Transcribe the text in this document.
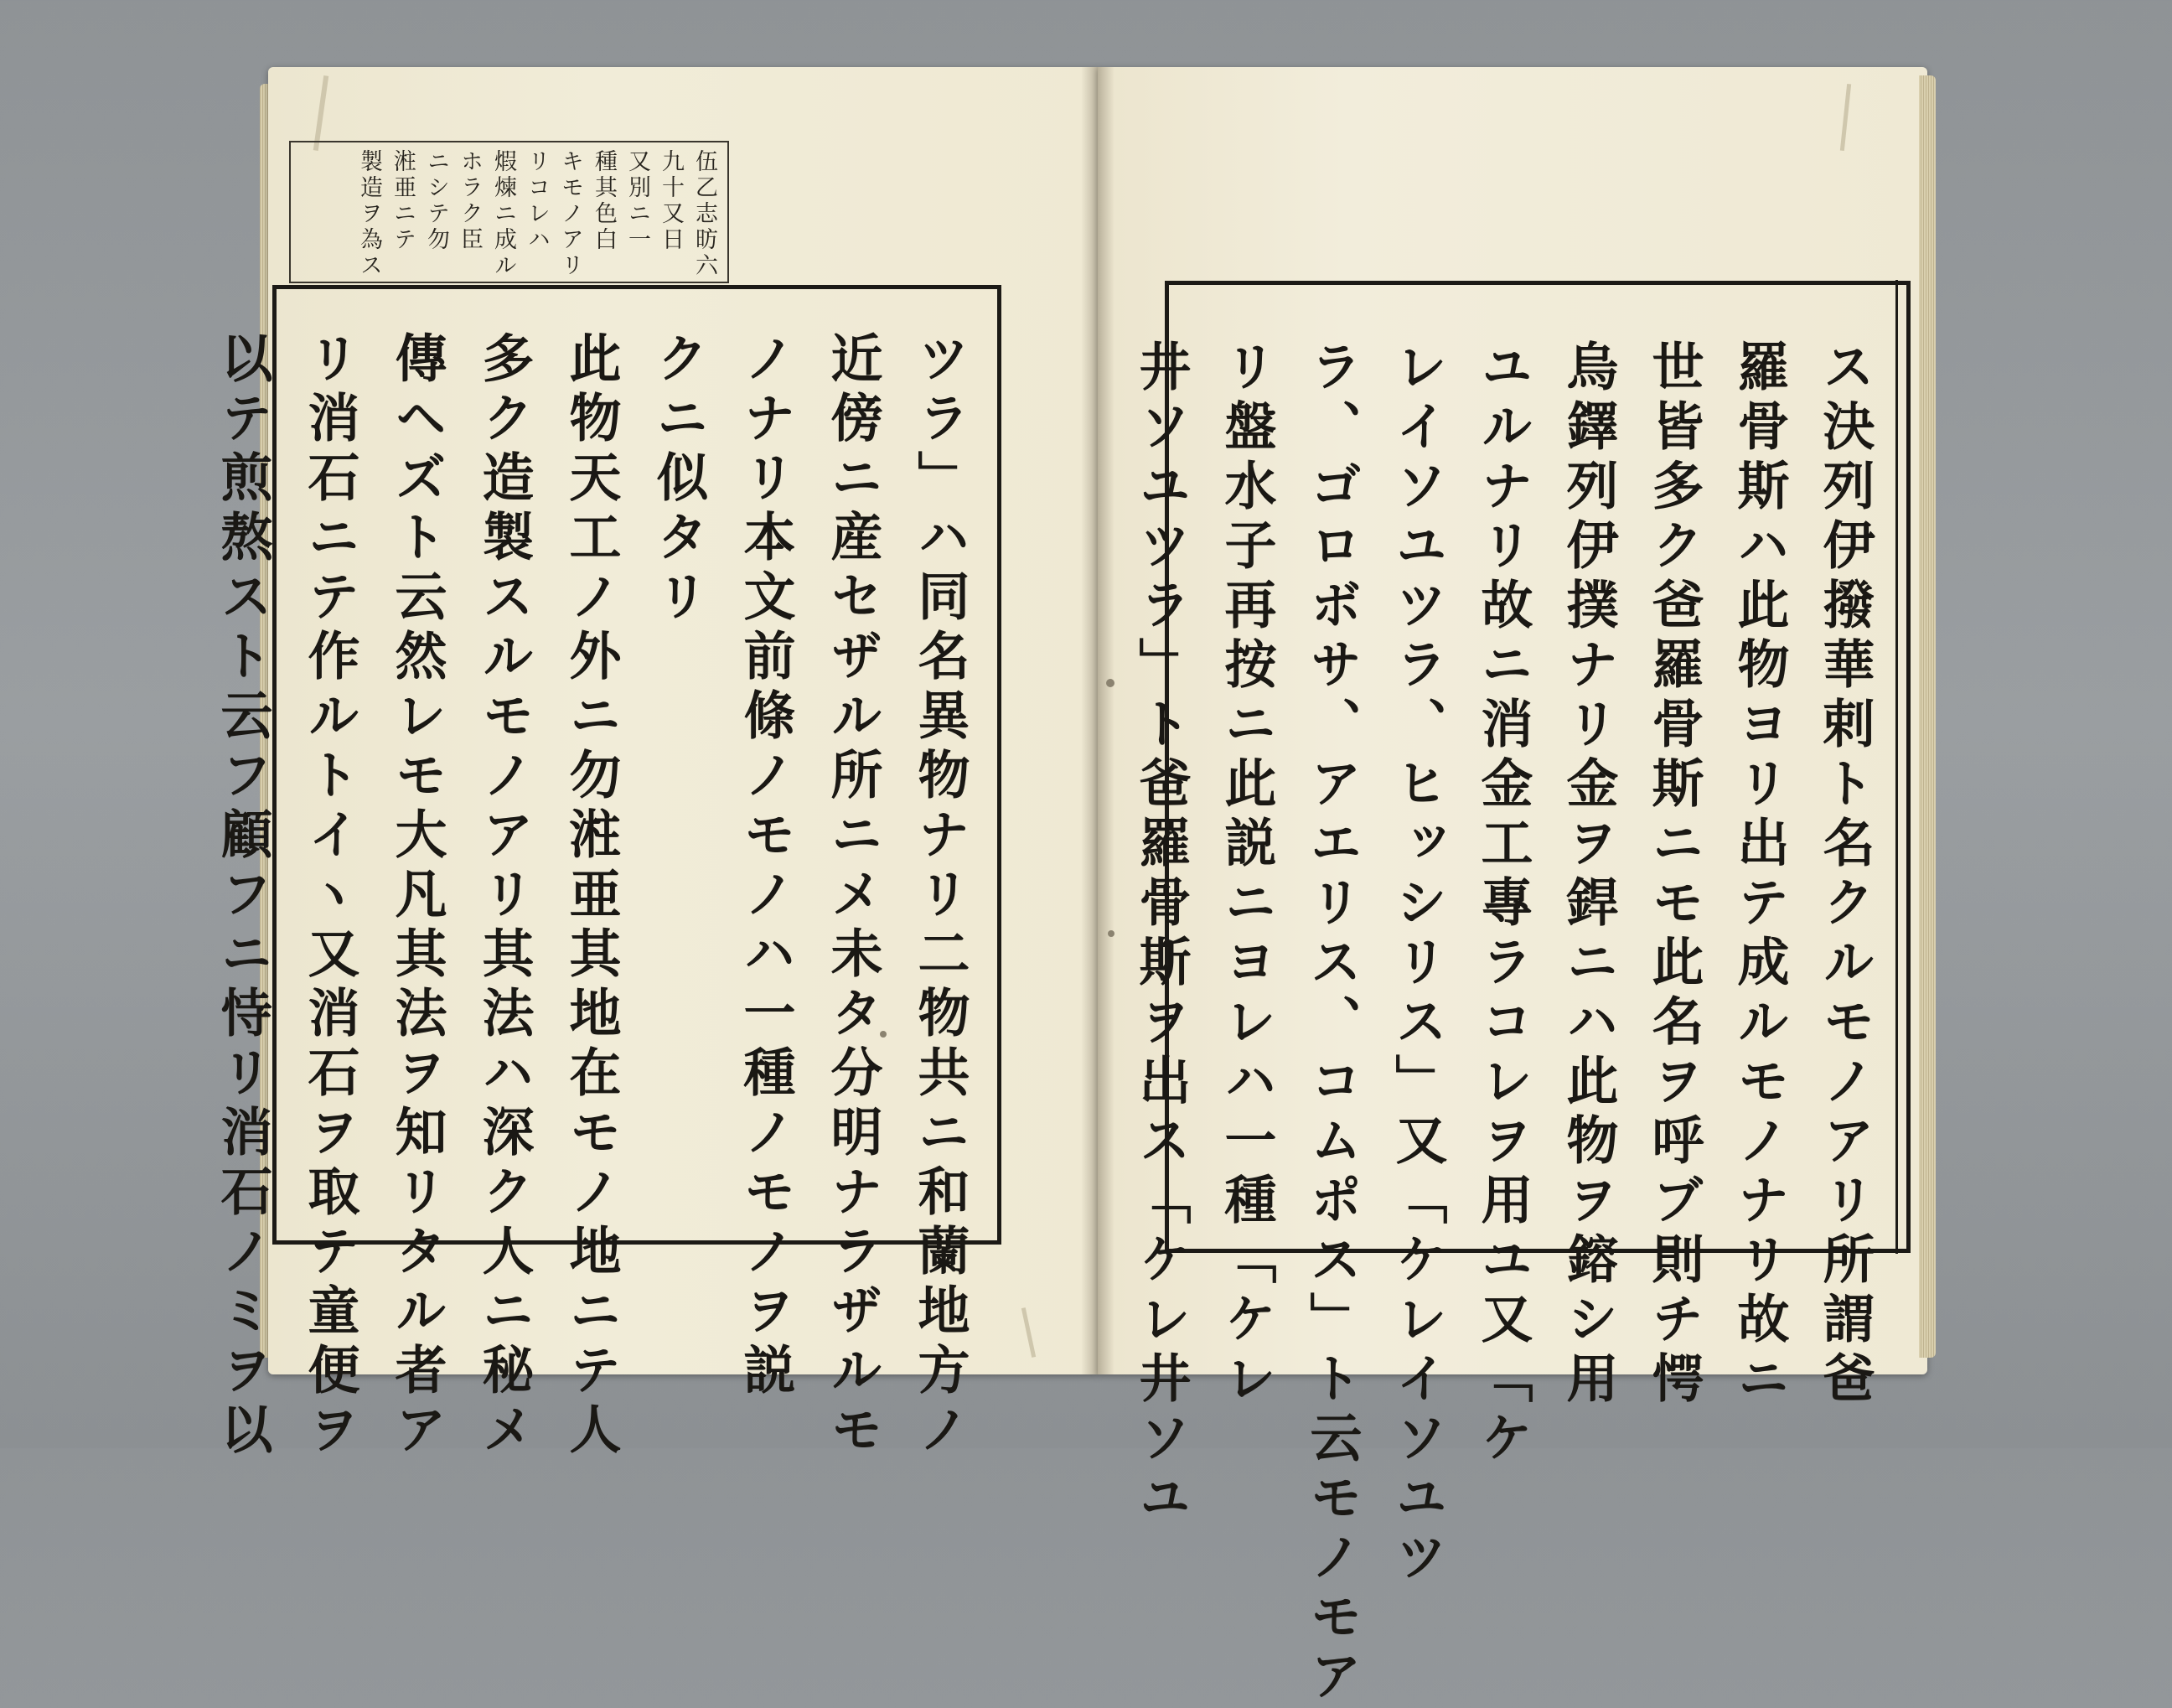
伍乙志昉六
九十又日
又別ニ一
種其色白
キモノアリ
リコレハ
煆煉ニ成ル
ホラク臣
ニシテ勿
㴤亜ニテ
製造ヲ為ス
ツラ」ハ同名異物ナリ二物共ニ和蘭地方ノ
近傍ニ産セザル所ニメ未タ分明ナラザルモ
ノナリ本文前條ノモノハ一種ノモノヲ説
クニ似タリ
此物天工ノ外ニ勿㴤亜其地在モノ地ニテ人
多ク造製スルモノアリ其法ハ深ク人ニ秘メ
傳ヘズト云然レモ大凡其法ヲ知リタル者ア
リ消石ニテ作ルトイヽ又消石ヲ取テ童便ヲ
以テ煎熬スト云フ顧フニ恃リ消石ノミヲ以	ス決列伊撥華剌ト名クルモノアリ所謂爸
羅骨斯ハ此物ヨリ出テ成ルモノナリ故ニ
世皆多ク爸羅骨斯ニモ此名ヲ呼ブ則チ愕
烏鐸列伊撲ナリ金ヲ銲ニハ此物ヲ鎔シ用
ユルナリ故ニ消金工專ラコレヲ用ユ又「ケ
レイソユツラ、ヒッシリス」又「ケレイソユツ
ラ、ゴロボサ、アエリス、コムポス」ト云モノモア
リ盤水子再按ニ此説ニヨレハ一種「ケレ
井ソユツラ」ト爸羅骨斯ヲ出ス「ケレ井ソユ
